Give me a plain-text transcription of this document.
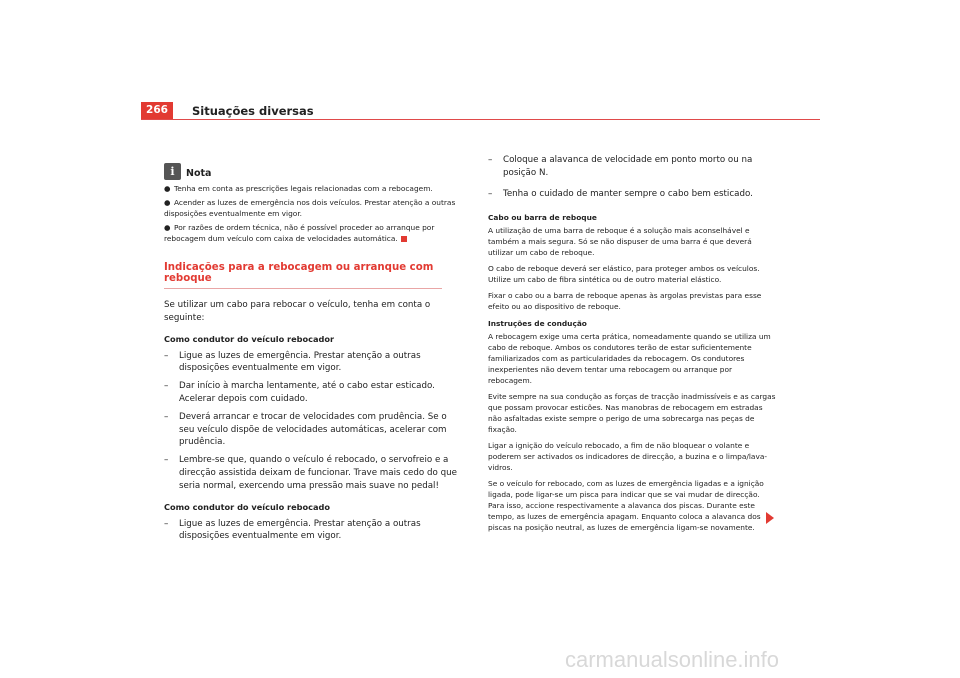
266	Situações diversas
i	Nota
● Tenha em conta as prescrições legais relacionadas com a rebocagem.
● Acender as luzes de emergência nos dois veículos. Prestar atenção a outras disposições eventualmente em vigor.
● Por razões de ordem técnica, não é possível proceder ao arranque por rebocagem dum veículo com caixa de velocidades automática.
Indicações para a rebocagem ou arranque com reboque
Se utilizar um cabo para rebocar o veículo, tenha em conta o seguinte:
Como condutor do veículo rebocador
–	Ligue as luzes de emergência. Prestar atenção a outras disposições eventualmente em vigor.
–	Dar início à marcha lentamente, até o cabo estar esticado. Acelerar depois com cuidado.
–	Deverá arrancar e trocar de velocidades com prudência. Se o seu veículo dispõe de velocidades automáticas, acelerar com prudência.
–	Lembre-se que, quando o veículo é rebocado, o servofreio e a direcção assistida deixam de funcionar. Trave mais cedo do que seria normal, exercendo uma pressão mais suave no pedal!
Como condutor do veículo rebocado
–	Ligue as luzes de emergência. Prestar atenção a outras disposições eventualmente em vigor.
–	Coloque a alavanca de velocidade em ponto morto ou na posição N.
–	Tenha o cuidado de manter sempre o cabo bem esticado.
Cabo ou barra de reboque
A utilização de uma barra de reboque é a solução mais aconselhável e também a mais segura. Só se não dispuser de uma barra é que deverá utilizar um cabo de reboque.
O cabo de reboque deverá ser elástico, para proteger ambos os veículos. Utilize um cabo de fibra sintética ou de outro material elástico.
Fixar o cabo ou a barra de reboque apenas às argolas previstas para esse efeito ou ao dispositivo de reboque.
Instruções de condução
A rebocagem exige uma certa prática, nomeadamente quando se utiliza um cabo de reboque. Ambos os condutores terão de estar suficientemente familiarizados com as particularidades da rebocagem. Os condutores inexperientes não devem tentar uma rebocagem ou arranque por rebocagem.
Evite sempre na sua condução as forças de tracção inadmissíveis e as cargas que possam provocar esticões. Nas manobras de rebocagem em estradas não asfaltadas existe sempre o perigo de uma sobrecarga nas peças de fixação.
Ligar a ignição do veículo rebocado, a fim de não bloquear o volante e poderem ser activados os indicadores de direcção, a buzina e o limpa/lava-vidros.
Se o veículo for rebocado, com as luzes de emergência ligadas e a ignição ligada, pode ligar-se um pisca para indicar que se vai mudar de direcção. Para isso, accione respectivamente a alavanca dos piscas. Durante este tempo, as luzes de emergência apagam. Enquanto coloca a alavanca dos piscas na posição neutral, as luzes de emergência ligam-se novamente.
carmanualsonline.info
